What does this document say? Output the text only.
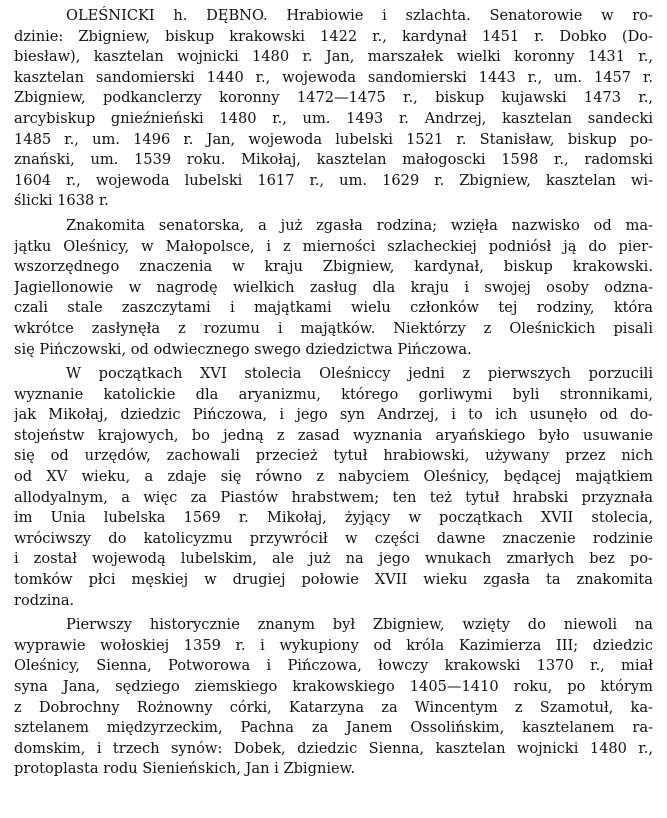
OLEŚNICKI h. DĘBNO. Hrabiowie i szlachta. Senatorowie w ro-
dzinie: Zbigniew, biskup krakowski 1422 r., kardynał 1451 r. Dobko (Do-
biesław), kasztelan wojnicki 1480 r. Jan, marszałek wielki koronny 1431 r.,
kasztelan sandomierski 1440 r., wojewoda sandomierski 1443 r., um. 1457 r.
Zbigniew, podkanclerzy koronny 1472—1475 r., biskup kujawski 1473 r.,
arcybiskup gnieźnieński 1480 r., um. 1493 r. Andrzej, kasztelan sandecki
1485 r., um. 1496 r. Jan, wojewoda lubelski 1521 r. Stanisław, biskup po-
znański, um. 1539 roku. Mikołaj, kasztelan małogoscki 1598 r., radomski
1604 r., wojewoda lubelski 1617 r., um. 1629 r. Zbigniew, kasztelan wi-
ślicki 1638 r.
Znakomita senatorska, a już zgasła rodzina; wzięła nazwisko od ma-
jątku Oleśnicy, w Małopolsce, i z mierności szlacheckiej podniósł ją do pier-
wszorzędnego znaczenia w kraju Zbigniew, kardynał, biskup krakowski.
Jagiellonowie w nagrodę wielkich zasług dla kraju i swojej osoby odzna-
czali stale zaszczytami i majątkami wielu członków tej rodziny, która
wkrótce zasłynęła z rozumu i majątków. Niektórzy z Oleśnickich pisali
się Pińczowski, od odwiecznego swego dziedzictwa Pińczowa.
W początkach XVI stolecia Oleśniccy jedni z pierwszych porzucili
wyznanie katolickie dla aryanizmu, którego gorliwymi byli stronnikami,
jak Mikołaj, dziedzic Pińczowa, i jego syn Andrzej, i to ich usunęło od do-
stojeństw krajowych, bo jedną z zasad wyznania aryańskiego było usuwanie
się od urzędów, zachowali przecież tytuł hrabiowski, używany przez nich
od XV wieku, a zdaje się równo z nabyciem Oleśnicy, będącej majątkiem
allodyalnym, a więc za Piastów hrabstwem; ten też tytuł hrabski przyznała
im Unia lubelska 1569 r. Mikołaj, żyjący w początkach XVII stolecia,
wróciwszy do katolicyzmu przywrócił w części dawne znaczenie rodzinie
i został wojewodą lubelskim, ale już na jego wnukach zmarłych bez po-
tomków płci męskiej w drugiej połowie XVII wieku zgasła ta znakomita
rodzina.
Pierwszy historycznie znanym był Zbigniew, wzięty do niewoli na
wyprawie wołoskiej 1359 r. i wykupiony od króla Kazimierza III; dziedzic
Oleśnicy, Sienna, Potworowa i Pińczowa, łowczy krakowski 1370 r., miał
syna Jana, sędziego ziemskiego krakowskiego 1405—1410 roku, po którym
z Dobrochny Rożnowny córki, Katarzyna za Wincentym z Szamotuł, ka-
sztelanem międzyrzeckim, Pachna za Janem Ossolińskim, kasztelanem ra-
domskim, i trzech synów: Dobek, dziedzic Sienna, kasztelan wojnicki 1480 r.,
protoplasta rodu Sienieńskich, Jan i Zbigniew.
